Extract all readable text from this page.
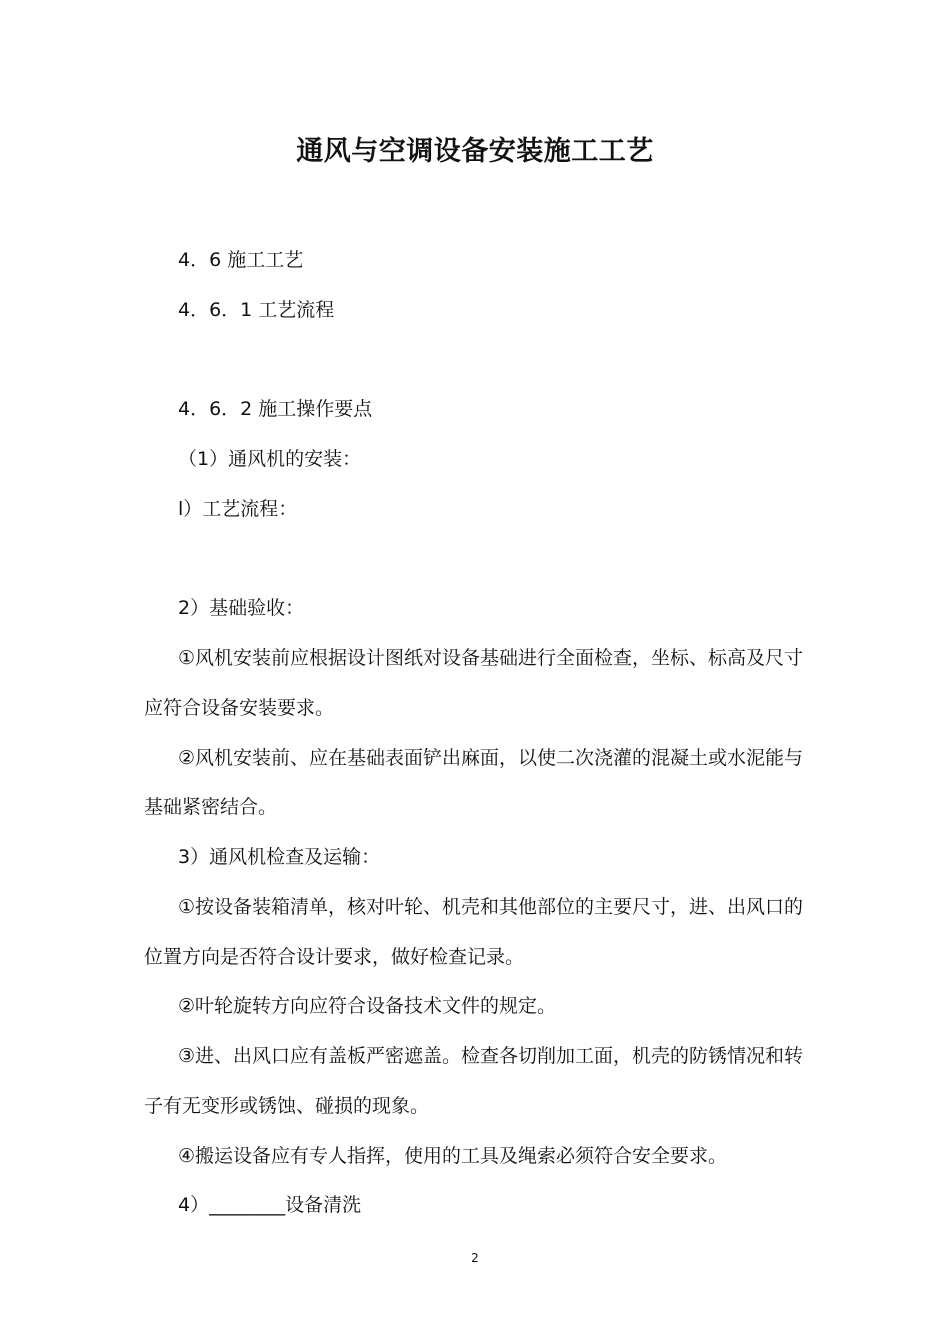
通风与空调设备安装施工工艺
4．6 施工工艺
4．6．1 工艺流程
4．6．2 施工操作要点
（1）通风机的安装：
l）工艺流程：
2）基础验收：
①风机安装前应根据设计图纸对设备基础进行全面检查，坐标、标高及尺寸
应符合设备安装要求。
②风机安装前、应在基础表面铲出麻面，以使二次浇灌的混凝土或水泥能与
基础紧密结合。
3）通风机检查及运输：
①按设备装箱清单，核对叶轮、机壳和其他部位的主要尺寸，进、出风口的
位置方向是否符合设计要求，做好检查记录。
②叶轮旋转方向应符合设备技术文件的规定。
③进、出风口应有盖板严密遮盖。检查各切削加工面，机壳的防锈情况和转
子有无变形或锈蚀、碰损的现象。
④搬运设备应有专人指挥，使用的工具及绳索必须符合安全要求。
4）________设备清洗
2
